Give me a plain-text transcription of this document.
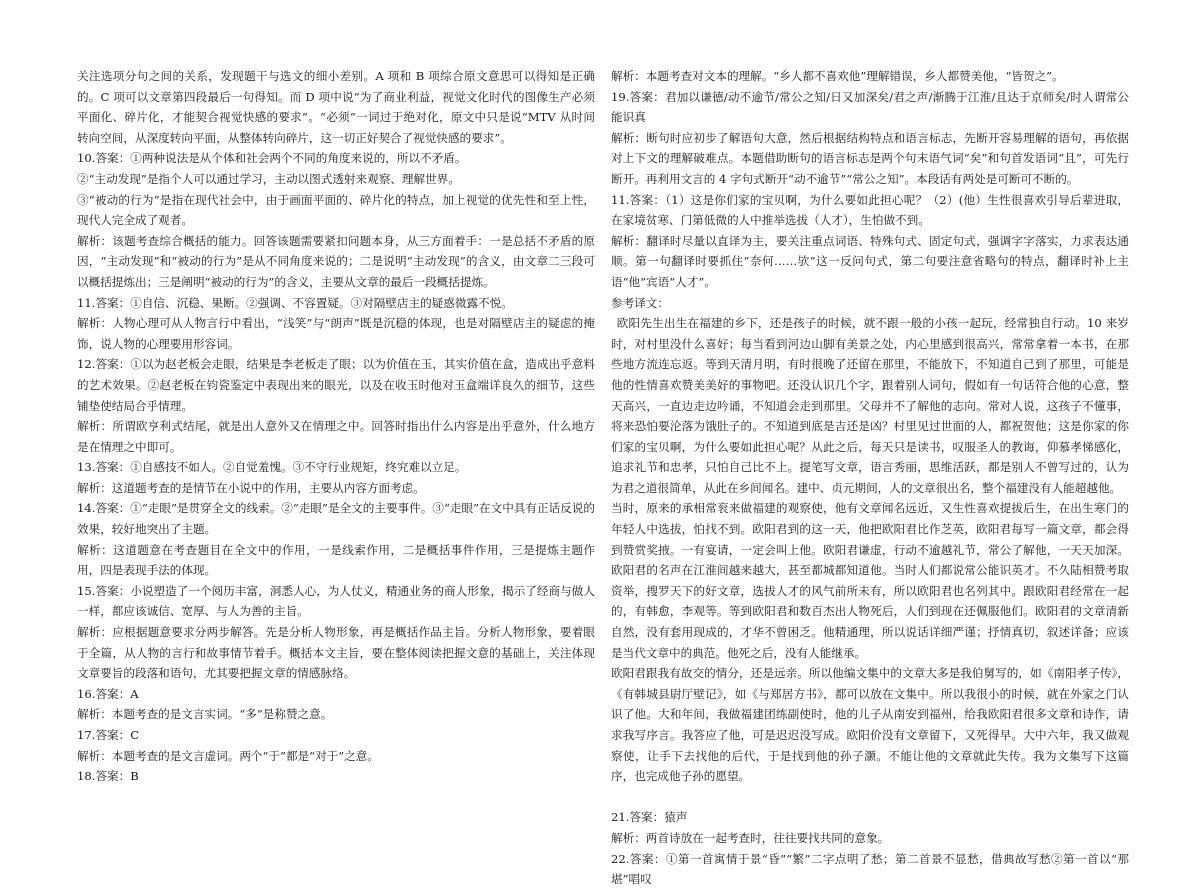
关注选项分句之间的关系，发现题干与选文的细小差别。A 项和 B 项综合原文意思可以得知是正确的。C 项可以文章第四段最后一句得知。而 D 项中说“为了商业利益，视觉文化时代的图像生产必须平面化、碎片化，才能契合视觉快感的要求”。“必须”一词过于绝对化，原文中只是说“MTV 从时间转向空间，从深度转向平面，从整体转向碎片，这一切正好契合了视觉快感的要求”。

10.答案：①两种说法是从个体和社会两个不同的角度来说的，所以不矛盾。

②“主动发现”是指个人可以通过学习，主动以图式透射来观察、理解世界。

③“被动的行为”是指在现代社会中，由于画面平面的、碎片化的特点，加上视觉的优先性和至上性，现代人完全成了观者。

解析：该题考查综合概括的能力。回答该题需要紧扣问题本身，从三方面着手：一是总括不矛盾的原因，“主动发现”和“被动的行为”是从不同角度来说的；二是说明“主动发现”的含义，由文章二三段可以概括提炼出；三是阐明“被动的行为”的含义，主要从文章的最后一段概括提炼。

11.答案：①自信、沉稳、果断。②强调、不容置疑。③对隔壁店主的疑惑微露不悦。

解析：人物心理可从人物言行中看出，“浅笑”与“朗声”既是沉稳的体现，也是对隔壁店主的疑虑的掩饰，说人物的心理要用形容词。

12.答案：①以为赵老板会走眼，结果是李老板走了眼；以为价值在玉，其实价值在盒，造成出乎意料的艺术效果。②赵老板在钧瓷鉴定中表现出来的眼光，以及在收玉时他对玉盒端详良久的细节，这些铺垫使结局合乎情理。

解析：所谓欧亨利式结尾，就是出人意外又在情理之中。回答时指出什么内容是出乎意外，什么地方是在情理之中即可。

13.答案：①自感技不如人。②自觉羞愧。③不守行业规矩，终究难以立足。

解析：这道题考查的是情节在小说中的作用，主要从内容方面考虑。

14.答案：①“走眼”是贯穿全文的线索。②“走眼”是全文的主要事件。③“走眼”在文中具有正话反说的效果，较好地突出了主题。

解析：这道题意在考查题目在全文中的作用，一是线索作用，二是概括事件作用，三是提炼主题作用，四是表现手法的体现。

15.答案：小说塑造了一个阅历丰富，洞悉人心，为人仗义，精通业务的商人形象，揭示了经商与做人一样，都应该诚信、宽厚、与人为善的主旨。

解析：应根据题意要求分两步解答。先是分析人物形象，再是概括作品主旨。分析人物形象，要着眼于全篇，从人物的言行和故事情节着手。概括本文主旨，要在整体阅读把握文意的基础上，关注体现文章要旨的段落和语句，尤其要把握文章的情感脉络。

16.答案：A

解析：本题考查的是文言实词。“多”是称赞之意。

17.答案：C

解析：本题考查的是文言虚词。两个“于”都是“对于”之意。

18.答案：B

解析：本题考查对文本的理解。“乡人都不喜欢他”理解错误，乡人都赞美他，“皆贺之”。

19.答案：君加以谦德/动不逾节/常公之知/日又加深矣/君之声/渐腾于江淮/且达于京师矣/时人谓常公能识真

解析：断句时应初步了解语句大意，然后根据结构特点和语言标志，先断开容易理解的语句，再依据对上下文的理解破难点。本题借助断句的语言标志是两个句末语气词“矣”和句首发语词“且”，可先行断开。再利用文言的 4 字句式断开“动不逾节”“常公之知”。本段话有两处是可断可不断的。

11.答案：（1）这是你们家的宝贝啊，为什么要如此担心呢？（2）(他）生性很喜欢引导后辈进取，在家境贫寒、门第低微的人中推举选拔（人才），生怕做不到。

解析：翻译时尽量以直译为主，要关注重点词语、特殊句式、固定句式，强调字字落实，力求表达通顺。第一句翻译时要抓住“奈何……欤”这一反问句式，第二句要注意省略句的特点，翻译时补上主语“他”宾语“人才”。

参考译文：

欧阳先生出生在福建的乡下，还是孩子的时候，就不跟一般的小孩一起玩，经常独自行动。10 来岁时，对村里没什么喜好；每当看到河边山脚有美景之处，内心里感到很高兴，常常拿着一本书，在那些地方流连忘返。等到天清月明，有时很晚了还留在那里，不能放下，不知道自己到了那里，可能是他的性情喜欢赞美美好的事物吧。还没认识几个字，跟着别人词句，假如有一句话符合他的心意，整天高兴，一直边走边吟诵，不知道会走到那里。父母并不了解他的志向。常对人说，这孩子不懂事，将来恐怕要沦落为饿肚子的。不知道到底是吉还是凶？村里见过世面的人，都祝贺他；这是你家的你们家的宝贝啊，为什么要如此担心呢？从此之后，每天只是读书，叹服圣人的教诲，仰慕孝悌感化，追求礼节和忠孝，只怕自己比不上。提笔写文章，语言秀丽，思维活跃，都是别人不曾写过的，认为为君之道很简单，从此在乡间闻名。建中、贞元期间，人的文章很出名，整个福建没有人能超越他。

当时，原来的承相常衮来做福建的观察使，他有文章闻名远近，又生性喜欢提拔后生，在出生寒门的年轻人中选拔，怕找不到。欧阳君到的这一天，他把欧阳君比作芝英，欧阳君每写一篇文章，都会得到赞赏奖掖。一有宴请，一定会叫上他。欧阳君谦虚，行动不逾越礼节，常公了解他，一天天加深。欧阳君的名声在江淮间越来越大，甚至都城都知道他。当时人们都说常公能识英才。不久陆相赞考取资举，搜罗天下的好文章，选拔人才的风气前所未有，所以欧阳君也名列其中。跟欧阳君经常在一起的，有韩愈，李观等。等到欧阳君和数百杰出人物死后，人们到现在还佩服他们。欧阳君的文章清新自然，没有套用现成的，才华不曾困乏。他精通理，所以说话详细严谨；抒情真切，叙述详备；应该是当代文章中的典范。他死之后，没有人能继承。

欧阳君跟我有故交的情分，还是远亲。所以他编文集中的文章大多是我伯舅写的，如《南阳孝子传》，《有韩城县尉厅壁记》，如《与郑居方书》，都可以放在文集中。所以我很小的时候，就在外家之门认识了他。大和年间，我做福建团练副使时，他的儿子从南安到福州，给我欧阳君很多文章和诗作，请求我写序言。我答应了他，可是迟迟没写成。欧阳价没有文章留下，又死得早。大中六年，我又做观察使，让手下去找他的后代，于是找到他的孙子灏。不能让他的文章就此失传。我为文集写下这篇序，也完成他子孙的愿望。

21.答案：猿声

解析：两首诗放在一起考查时，往往要找共同的意象。

22.答案：①第一首寓情于景“昏”“繁”二字点明了愁；第二首景不显愁，借典故写愁②第一首以“那堪”唱叹
